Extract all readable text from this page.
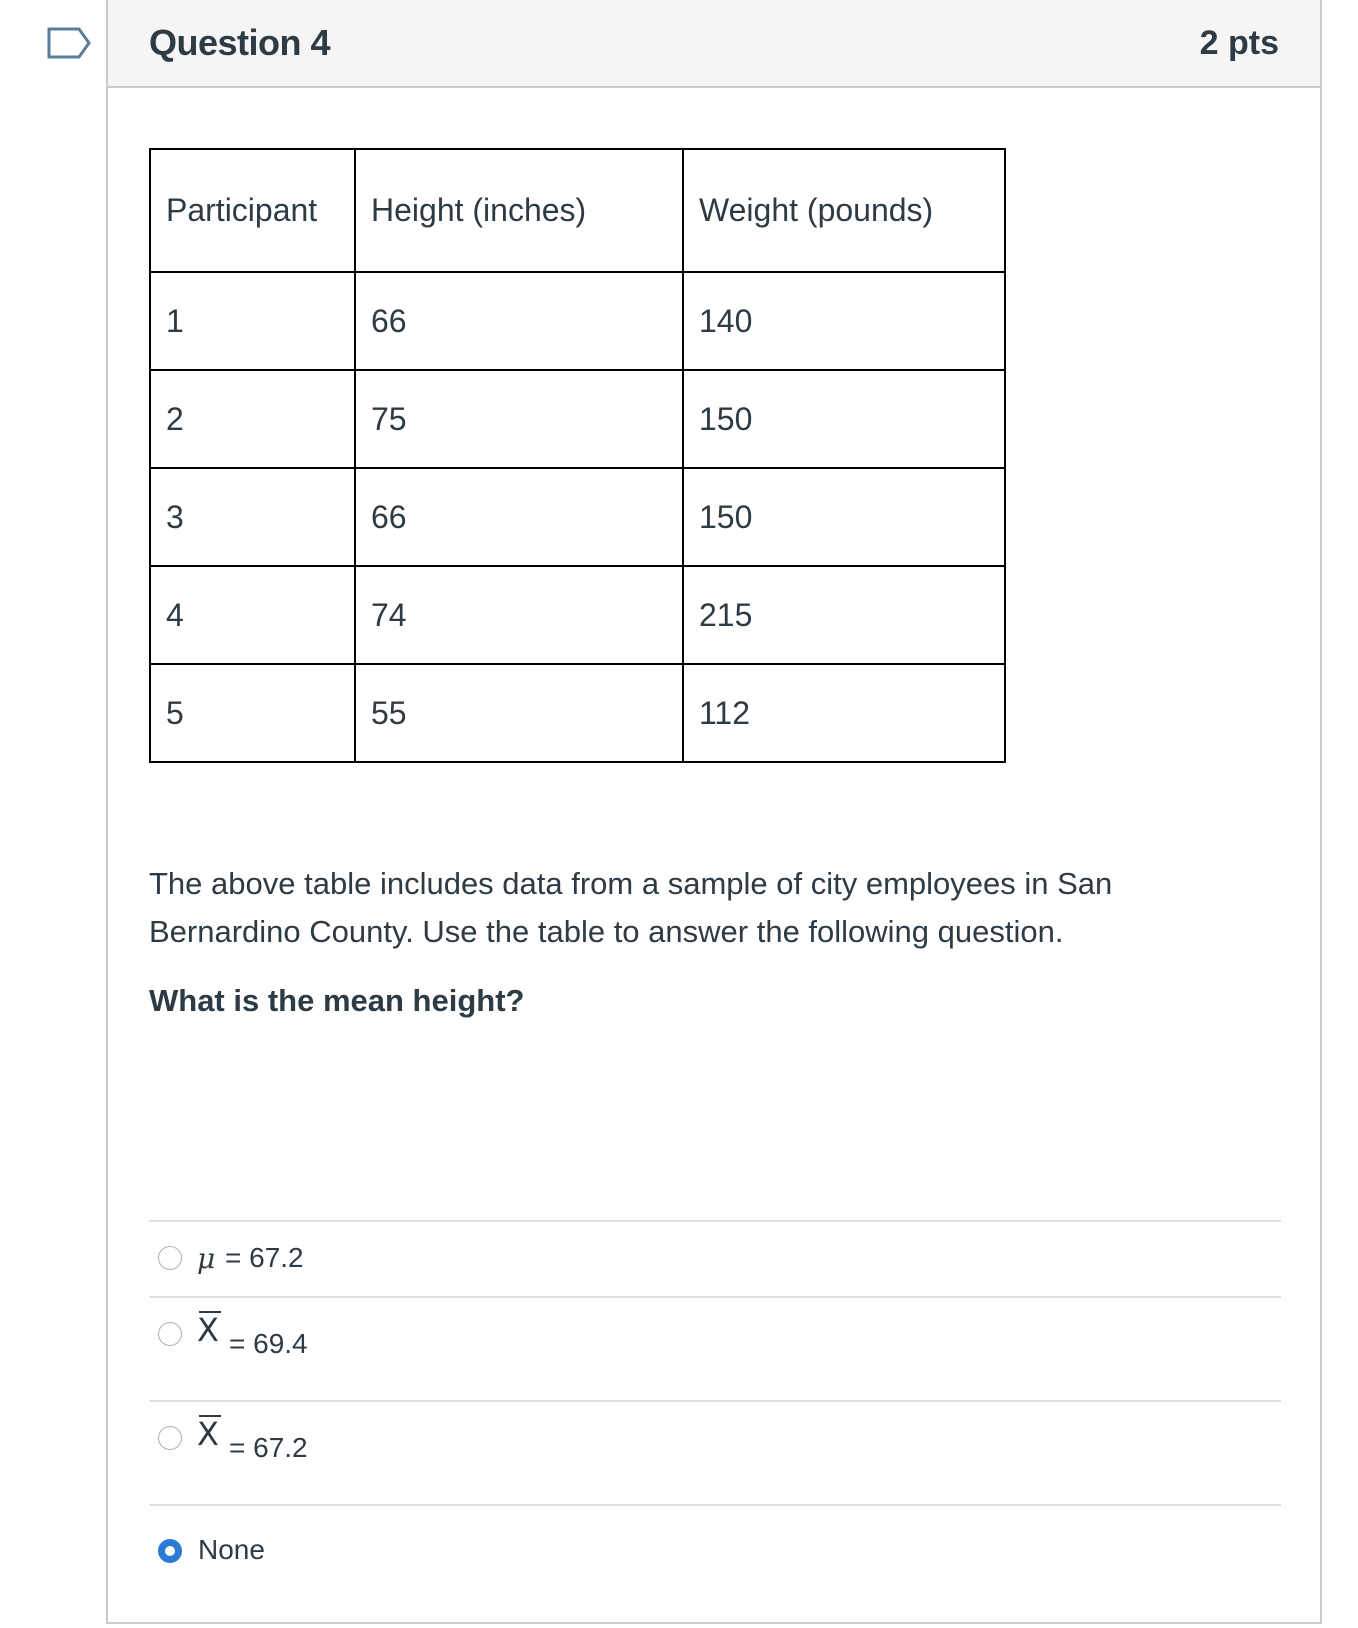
Question 4	2 pts
Participant	Height (inches)	Weight (pounds)
1	66	140
2	75	150
3	66	150
4	74	215
5	55	112
The above table includes data from a sample of city employees in San Bernardino County. Use the table to answer the following question.
What is the mean height?
μ = 67.2
X = 69.4
X = 67.2
None
